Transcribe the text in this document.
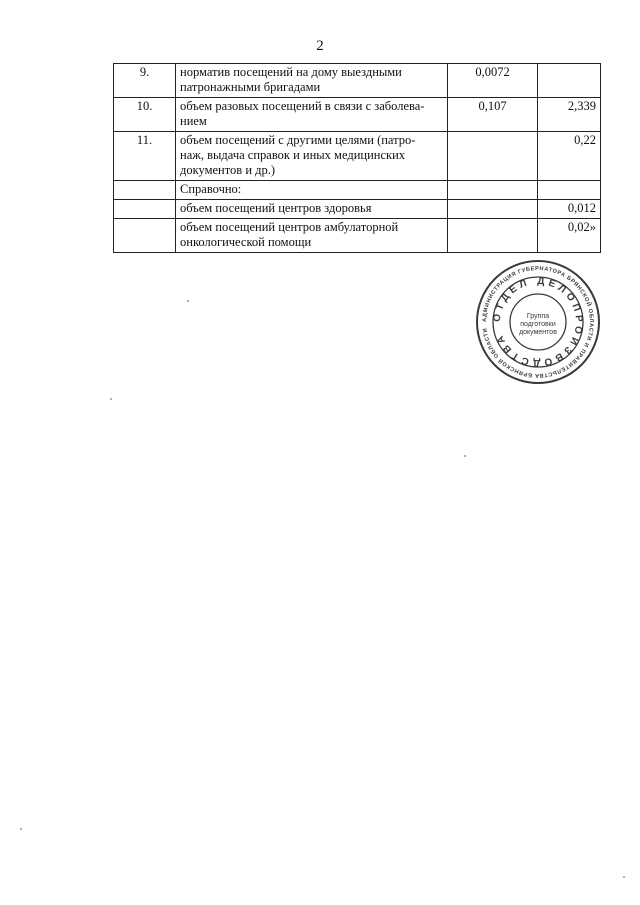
2
9.	норматив посещений на дому выездными
патронажными бригадами	0,0072	
10.	объем разовых посещений в связи с заболева-
нием	0,107	2,339
11.	объем посещений с другими целями (патро-
наж, выдача справок и иных медицинских
документов и др.)		0,22
	Справочно:		
	объем посещений центров здоровья		0,012
	объем посещений центров амбулаторной
онкологической помощи		0,02»
АДМИНИСТРАЦИЯ ГУБЕРНАТОРА БРЯНСКОЙ ОБЛАСТИ И ПРАВИТЕЛЬСТВА БРЯНСКОЙ ОБЛАСТИ
ОТДЕЛ ДЕЛОПРОИЗВОДСТВА
Группа
подготовки
документов
